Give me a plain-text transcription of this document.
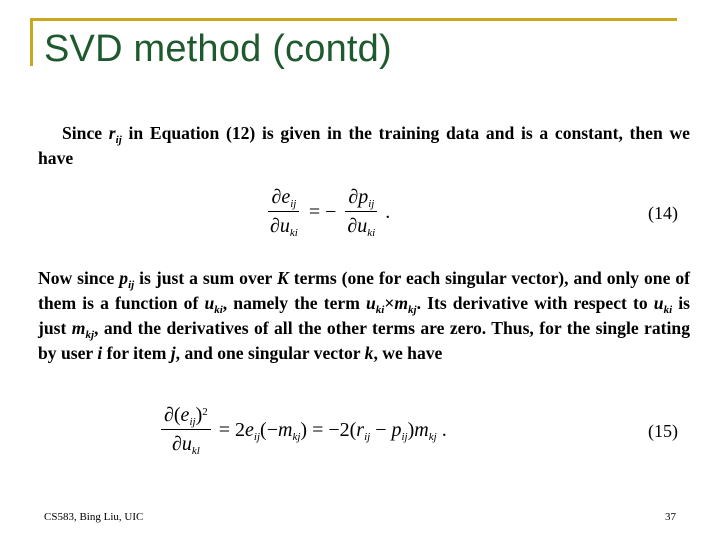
SVD method (contd)

Since $r_{ij}$ in Equation (12) is given in the training data and is a constant, then we have

$\frac{\partial e_{ij}}{\partial u_{ki}}$ = − $\frac{\partial p_{ij}}{\partial u_{ki}}$ .	(14)

Now since $p_{ij}$ is just a sum over K terms (one for each singular vector), and only one of them is a function of $u_{ki}$, namely the term $u_{ki}\times m_{kj}$. Its derivative with respect to $u_{ki}$ is just $m_{kj}$, and the derivatives of all the other terms are zero. Thus, for the single rating by user i for item j, and one singular vector k, we have

$\frac{\partial(e_{ij})^2}{\partial u_{kl}} = 2e_{ij}(-m_{kj}) = -2(r_{ij} - p_{ij})m_{kj}$ .	(15)
CS583, Bing Liu, UIC	37
